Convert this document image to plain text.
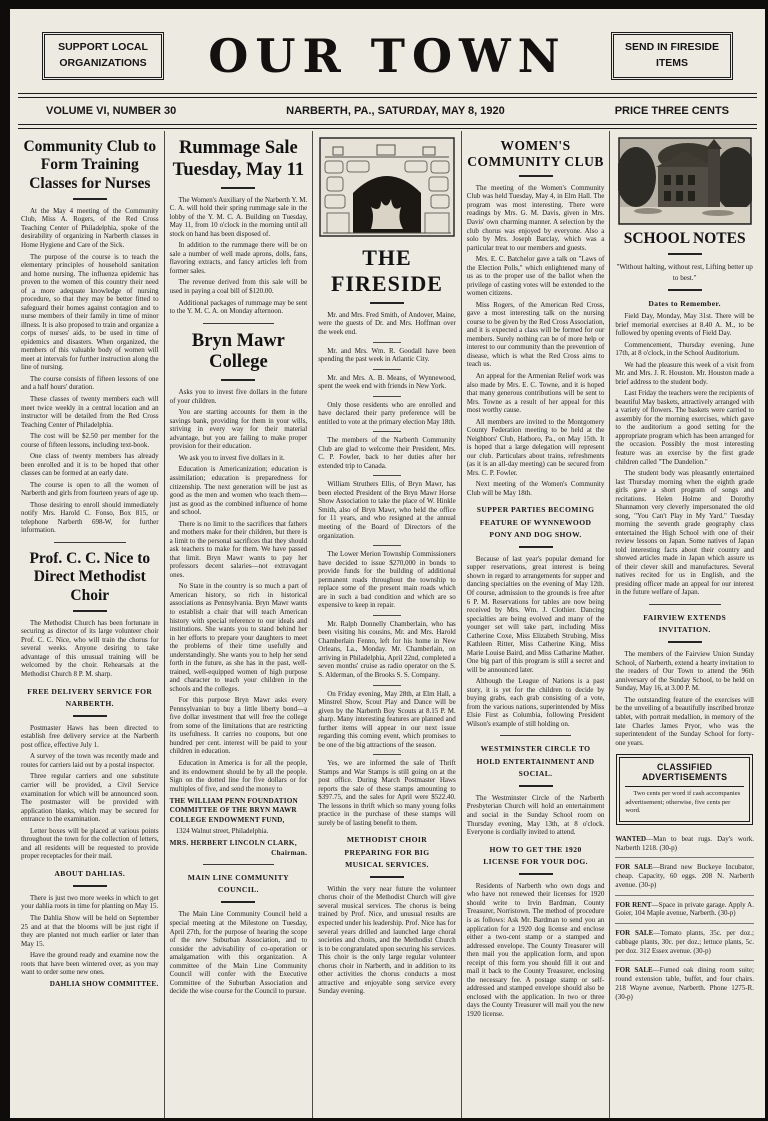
SUPPORT LOCAL ORGANIZATIONS	OUR TOWN	SEND IN FIRESIDE ITEMS
VOLUME VI, NUMBER 30	NARBERTH, PA., SATURDAY, MAY 8, 1920	PRICE THREE CENTS
Community Club to Form Training Classes for Nurses

At the May 4 meeting of the Community Club, Miss A. Rogers, of the Red Cross Teaching Center of Philadelphia, spoke of the desirability of organizing in Narberth classes in Home Hygiene and Care of the Sick.

The purpose of the course is to teach the elementary principles of household sanitation and home nursing. The influenza epidemic has proven to the women of this country their need of a more adequate knowledge of nursing procedure, so that they may be better fitted to safeguard their homes against contagion and to nurse members of their family in time of minor illness. It is also proposed to train and organize a corps of nurses' aids, to be used in time of epidemics and disasters. When organized, the members of this valuable body of women will meet at intervals for further instruction along the line of nursing.

The course consists of fifteen lessons of one and a half hours' duration.

These classes of twenty members each will meet twice weekly in a central location and an instructor will be detailed from the Red Cross Teaching Center of Philadelphia.

The cost will be $2.50 per member for the course of fifteen lessons, including text-book.

One class of twenty members has already been enrolled and it is to be hoped that other classes can be formed at an early date.

The course is open to all the women of Narberth and girls from fourteen years of age up.

Those desiring to enroll should immediately notify Mrs. Harold C. Fonso, Box 815, or telephone Narberth 698-W, for further information.

Prof. C. C. Nice to Direct Methodist Choir

The Methodist Church has been fortunate in securing as director of its large volunteer choir Prof. C. C. Nice, who will train the chorus for several weeks. Anyone desiring to take advantage of this unusual training will be welcomed by the choir. Rehearsals at the Methodist Church 8 P. M. sharp.

FREE DELIVERY SERVICE FOR NARBERTH.

Postmaster Haws has been directed to establish free delivery service at the Narberth post office, effective July 1.

A survey of the town was recently made and routes for carriers laid out by a postal inspector.

Three regular carriers and one substitute carrier will be provided, a Civil Service examination for which will be announced soon. The postmaster will be provided with application blanks, which may be secured for entrance to the examination.

Letter boxes will be placed at various points throughout the town for the collection of letters, and all residents will be requested to provide proper receptacles for their mail.

ABOUT DAHLIAS.

There is just two more weeks in which to get your dahlia roots in time for planting on May 15.

The Dahlia Show will be held on September 25 and at that the blooms will be just right if they are planted not much earlier or later than May 15.

Have the ground ready and examine now the roots that have been wintered over, as you may want to order some new ones.

DAHLIA SHOW COMMITTEE.
Rummage Sale Tuesday, May 11

The Women's Auxiliary of the Narberth Y. M. C. A. will hold their spring rummage sale in the lobby of the Y. M. C. A. Building on Tuesday, May 11, from 10 o'clock in the morning until all stock on hand has been disposed of.

In addition to the rummage there will be on sale a number of well made aprons, dolls, fans, flavoring extracts, and fancy articles left from former sales.

The revenue derived from this sale will be used in paying a coal bill of $120.00.

Additional packages of rummage may be sent to the Y. M. C. A. on Monday afternoon.

Bryn Mawr College

Asks you to invest five dollars in the future of your children.

You are starting accounts for them in the savings bank, providing for them in your wills, striving in every way for their material advantage, but you are failing to make proper provision for their education.

We ask you to invest five dollars in it.

Education is Americanization; education is assimilation; education is preparedness for citizenship. The next generation will be just as good as the men and women who teach them—just as good as the combined influence of home and school.

There is no limit to the sacrifices that fathers and mothers make for their children, but there is a limit to the personal sacrifices that they should ask teachers to make for them. We have passed that limit. Bryn Mawr wants to pay her professors decent salaries—not extravagant ones.

No State in the country is so much a part of American history, so rich in historical associations as Pennsylvania. Bryn Mawr wants to establish a chair that will teach American history with special reference to our ideals and institutions. She wants you to stand behind her in her efforts to prepare your daughters to meet the problems of their time usefully and understandingly. She wants you to help her send forth in the future, as she has in the past, well-trained, well-equipped women of high purpose and character to teach your children in the schools and the colleges.

For this purpose Bryn Mawr asks every Pennsylvanian to buy a little liberty bond—a five dollar investment that will free the college from some of the limitations that are restricting its usefulness. It carries no coupons, but one hundred per cent. interest will be paid to your children in education.

Education in America is for all the people, and its endowment should be by all the people. Sign on the dotted line for five dollars or for multiples of five, and send the money to

THE WILLIAM PENN FOUNDATION COMMITTEE OF THE BRYN MAWR COLLEGE ENDOWMENT FUND,
1324 Walnut street, Philadelphia.
MRS. HERBERT LINCOLN CLARK,
Chairman.
MAIN LINE COMMUNITY COUNCIL.

The Main Line Community Council held a special meeting at the Milestone on Tuesday, April 27th, for the purpose of hearing the scope of the new Suburban Association, and to consider the advisability of co-operation or amalgamation with this organization. A committee of the Main Line Community Council will confer with the Executive Committee of the Suburban Association and decide the wise course for the Council to pursue.

THE FIRESIDE

Mr. and Mrs. Fred Smith, of Andover, Maine, were the guests of Dr. and Mrs. Hoffman over the week end.

Mr. and Mrs. Wm. R. Goodall have been spending the past week in Atlantic City.

Mr. and Mrs. A. B. Means, of Wynnewood, spent the week end with friends in New York.

Only those residents who are enrolled and have declared their party preference will be entitled to vote at the primary election May 18th.

The members of the Narberth Community Club are glad to welcome their President, Mrs. C. P. Fowler, back to her duties after her extended trip to Canada.

William Struthers Ellis, of Bryn Mawr, has been elected President of the Bryn Mawr Horse Show Association to take the place of W. Hinkle Smith, also of Bryn Mawr, who held the office for 11 years, and who resigned at the annual meeting of the Board of Directors of the organization.

The Lower Merion Township Commissioners have decided to issue $270,000 in bonds to provide funds for the building of additional permanent roads throughout the township to replace some of the present main roads which are in such a bad condition and which are so expensive to keep in repair.

Mr. Ralph Donnelly Chamberlain, who has been visiting his cousins, Mr. and Mrs. Harold Chamberlain Fenno, left for his home in New Orleans, La., Monday. Mr. Chamberlain, on arriving in Philadelphia, April 22nd, completed a seven months' cruise as radio operator on the S. S. Alderman, of the Brooks S. S. Company.

On Friday evening, May 28th, at Elm Hall, a Minstrel Show, Scout Play and Dance will be given by the Narberth Boy Scouts at 8.15 P. M. sharp. Many interesting features are planned and further items will appear in our next issue regarding this coming event, which promises to be one of the big attractions of the season.

Yes, we are informed the sale of Thrift Stamps and War Stamps is still going on at the post office. During March Postmaster Haws reports the sale of these stamps amounting to $397.75, and the sales for April were $522.40. The lessons in thrift which so many young folks practice in the purchase of these stamps will surely be of lasting benefit to them.

METHODIST CHOIR PREPARING FOR BIG MUSICAL SERVICES.

Within the very near future the volunteer chorus choir of the Methodist Church will give several musical services. The chorus is being trained by Prof. Nice, and unusual results are expected under his leadership. Prof. Nice has for several years drilled and launched large choral societies and choirs, and the Methodist Church is to be congratulated upon securing his services. This choir is the only large regular volunteer chorus choir in Narberth, and in addition to its other activities the chorus conducts a most attractive and enjoyable song service every Sunday evening.

WOMEN'S COMMUNITY CLUB

The meeting of the Women's Community Club was held Tuesday, May 4, in Elm Hall. The program was most interesting. There were readings by Mrs. G. M. Davis, given in Mrs. Davis' own charming manner. A selection by the club chorus was enjoyed by everyone. Also a solo by Mrs. Joseph Barclay, which was a particular treat to our members and guests.

Mrs. E. C. Batchelor gave a talk on "Laws of the Election Polls," which enlightened many of us as to the proper use of the ballot when the privilege of casting votes will be extended to the women citizens.

Miss Rogers, of the American Red Cross, gave a most interesting talk on the nursing course to be given by the Red Cross Association, and it is expected a class will be formed for our members. Surely nothing can be of more help or interest to our community than the prevention of disease, which is what the Red Cross aims to teach us.

An appeal for the Armenian Relief work was also made by Mrs. E. C. Towne, and it is hoped that many generous contributions will be sent to Mrs. Towne as a result of her appeal for this most worthy cause.

All members are invited to the Montgomery County Federation meeting to be held at the Neighbors' Club, Hatboro, Pa., on May 15th. It is hoped that a large delegation will represent our club. Particulars about trains, refreshments (as it is an all-day meeting) can be secured from Mrs. C. P. Fowler.

Next meeting of the Women's Community Club will be May 18th.

SUPPER PARTIES BECOMING FEATURE OF WYNNEWOOD PONY AND DOG SHOW.

Because of last year's popular demand for supper reservations, great interest is being shown in regard to arrangements for supper and dancing specialties on the evening of May 12th. Of course, admission to the grounds is free after 6 P. M. Reservations for tables are now being received by Mrs. Wm. J. Clothier. Dancing specialties are being evolved and many of the younger set will take part, including Miss Catherine Coxe, Miss Elizabeth Strubing, Miss Kathleen Ritter, Miss Catherine King, Miss Marie Louise Baird, and Miss Catharine Mather. One big part of this program is still a secret and will be announced later.

Although the League of Nations is a past story, it is yet for the children to decide by buying grabs, each grab consisting of a vote, from the various nations, superintended by Miss Elsie First as Columbia, following President Wilson's example of still holding on.

WESTMINSTER CIRCLE TO HOLD ENTERTAINMENT AND SOCIAL.

The Westminster Circle of the Narberth Presbyterian Church will hold an entertainment and social in the Sunday School room on Thursday evening, May 13th, at 8 o'clock. Everyone is cordially invited to attend.

HOW TO GET THE 1920 LICENSE FOR YOUR DOG.

Residents of Narberth who own dogs and who have not renewed their licenses for 1920 should write to Irvin Bardman, County Treasurer, Norristown. The method of procedure is as follows: Ask Mr. Bardman to send you an application for a 1920 dog license and enclose either a two-cent stamp or a stamped and addressed envelope. The County Treasurer will then mail you the application form, and upon receipt of this form you should fill it out and mail it back to the County Treasurer, enclosing the necessary fee. A postage stamp or self-addressed and stamped envelope should also be enclosed with the application. In two or three days the County Treasurer will mail you the new 1920 license.

SCHOOL NOTES
"Without halting, without rest, Lifting better up to best."
Dates to Remember.

Field Day, Monday, May 31st. There will be brief memorial exercises at 8.40 A. M., to be followed by opening events of Field Day.

Commencement, Thursday evening, June 17th, at 8 o'clock, in the School Auditorium.

We had the pleasure this week of a visit from Mr. and Mrs. J. R. Houston. Mr. Houston made a brief address to the student body.

Last Friday the teachers were the recipients of beautiful May baskets, attractively arranged with a variety of flowers. The baskets were carried to assembly for the morning exercises, which gave to the auditorium a good setting for the appropriate program which has been arranged for the occasion. Possibly the most interesting feature was an exercise by the first grade children called "The Dandelion."

The student body was pleasantly entertained last Thursday morning when the eighth grade girls gave a short program of songs and recitations. Helen Holme and Dorothy Shannamon very cleverly impersonated the old song, "You Can't Play in My Yard." Tuesday morning the seventh grade geography class entertained the High School with one of their review lessons on Japan. Some natives of Japan told interesting facts about their country and showed articles made in Japan which assure us of their clever skill and manufactures. Several natives recited for us in English, and the presiding officer made an appeal for our interest in the future welfare of Japan.

FAIRVIEW EXTENDS INVITATION.

The members of the Fairview Union Sunday School, of Narberth, extend a hearty invitation to the readers of Our Town to attend the 96th anniversary of the Sunday School, to be held on Sunday, May 16, at 3.00 P. M.

The outstanding feature of the exercises will be the unveiling of a beautifully inscribed bronze tablet, with portrait medallion, in memory of the late Charles James Pryor, who was the superintendent of the Sunday School for forty-one years.

CLASSIFIED ADVERTISEMENTS
Two cents per word if cash accompanies advertisement; otherwise, five cents per word.

WANTED—Man to beat rugs. Day's work. Narberth 1218. (30-p)

FOR SALE—Brand new Buckeye Incubator, cheap. Capacity, 60 eggs. 208 N. Narberth avenue. (30-p)

FOR RENT—Space in private garage. Apply A. Goier, 104 Maple avenue, Narberth. (30-p)

FOR SALE—Tomato plants, 35c. per doz.; cabbage plants, 30c. per doz.; lettuce plants, 5c. per doz. 312 Essex avenue. (30-p)

FOR SALE—Fumed oak dining room suite; round extension table, buffet, and four chairs. 218 Wayne avenue, Narberth. Phone 1275-R. (30-p)
